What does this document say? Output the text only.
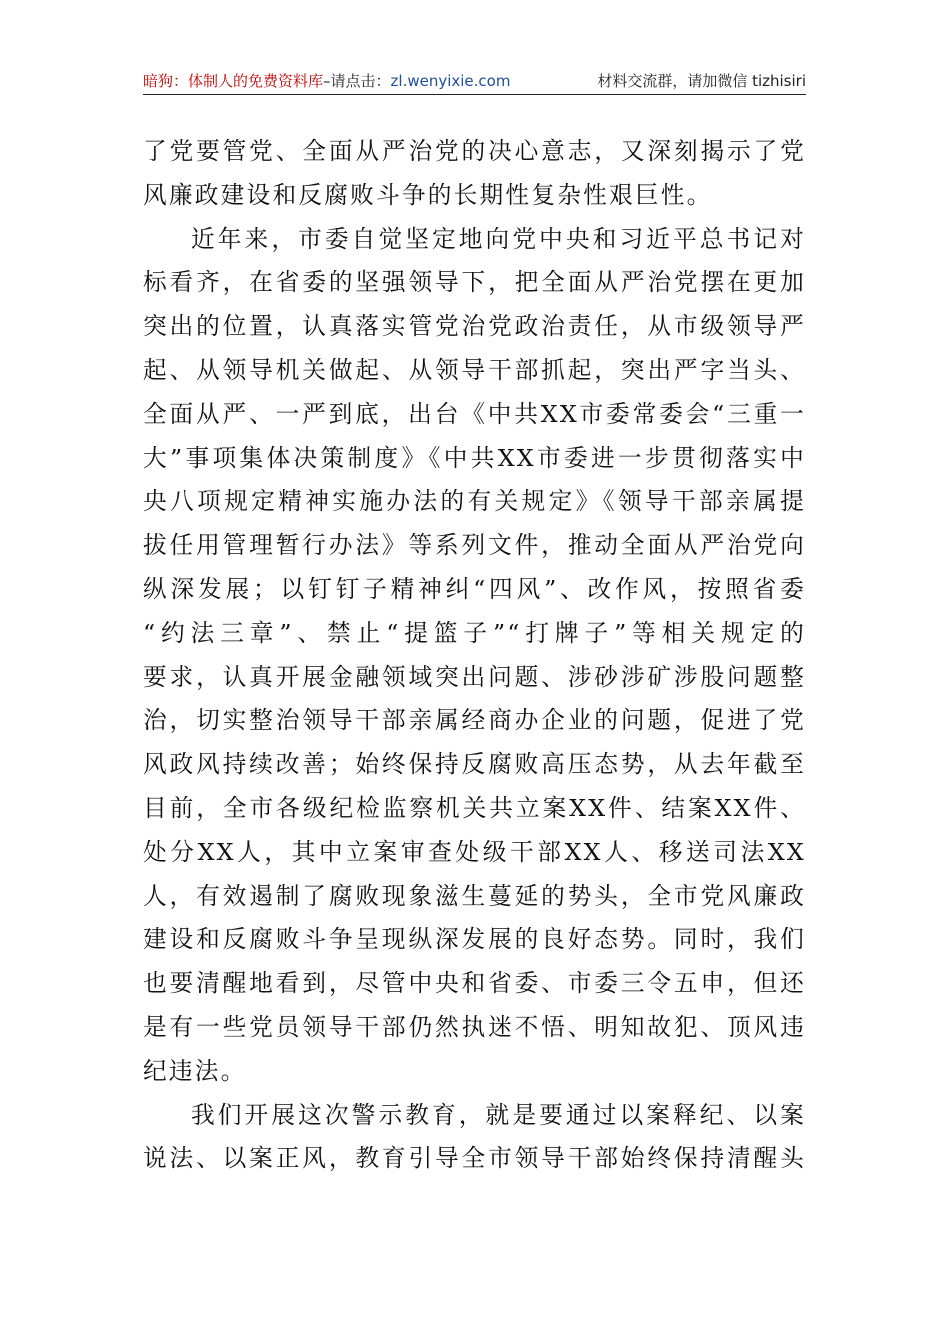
暗狗：体制人的免费资料库–请点击：zl.wenyixie.com	材料交流群，请加微信 tizhisiri
了党要管党、全面从严治党的决心意志，又深刻揭示了党
风廉政建设和反腐败斗争的长期性复杂性艰巨性。
近年来，市委自觉坚定地向党中央和习近平总书记对
标看齐，在省委的坚强领导下，把全面从严治党摆在更加
突出的位置，认真落实管党治党政治责任，从市级领导严
起、从领导机关做起、从领导干部抓起，突出严字当头、
全面从严、一严到底，出台《中共XX市委常委会“三重一
大”事项集体决策制度》《中共XX市委进一步贯彻落实中
央八项规定精神实施办法的有关规定》《领导干部亲属提
拔任用管理暂行办法》等系列文件，推动全面从严治党向
纵深发展；以钉钉子精神纠“四风”、改作风，按照省委
“约法三章”、禁止“提篮子”“打牌子”等相关规定的
要求，认真开展金融领域突出问题、涉砂涉矿涉股问题整
治，切实整治领导干部亲属经商办企业的问题，促进了党
风政风持续改善；始终保持反腐败高压态势，从去年截至
目前，全市各级纪检监察机关共立案XX件、结案XX件、
处分XX人，其中立案审查处级干部XX人、移送司法XX
人，有效遏制了腐败现象滋生蔓延的势头，全市党风廉政
建设和反腐败斗争呈现纵深发展的良好态势。同时，我们
也要清醒地看到，尽管中央和省委、市委三令五申，但还
是有一些党员领导干部仍然执迷不悟、明知故犯、顶风违
纪违法。
我们开展这次警示教育，就是要通过以案释纪、以案
说法、以案正风，教育引导全市领导干部始终保持清醒头
